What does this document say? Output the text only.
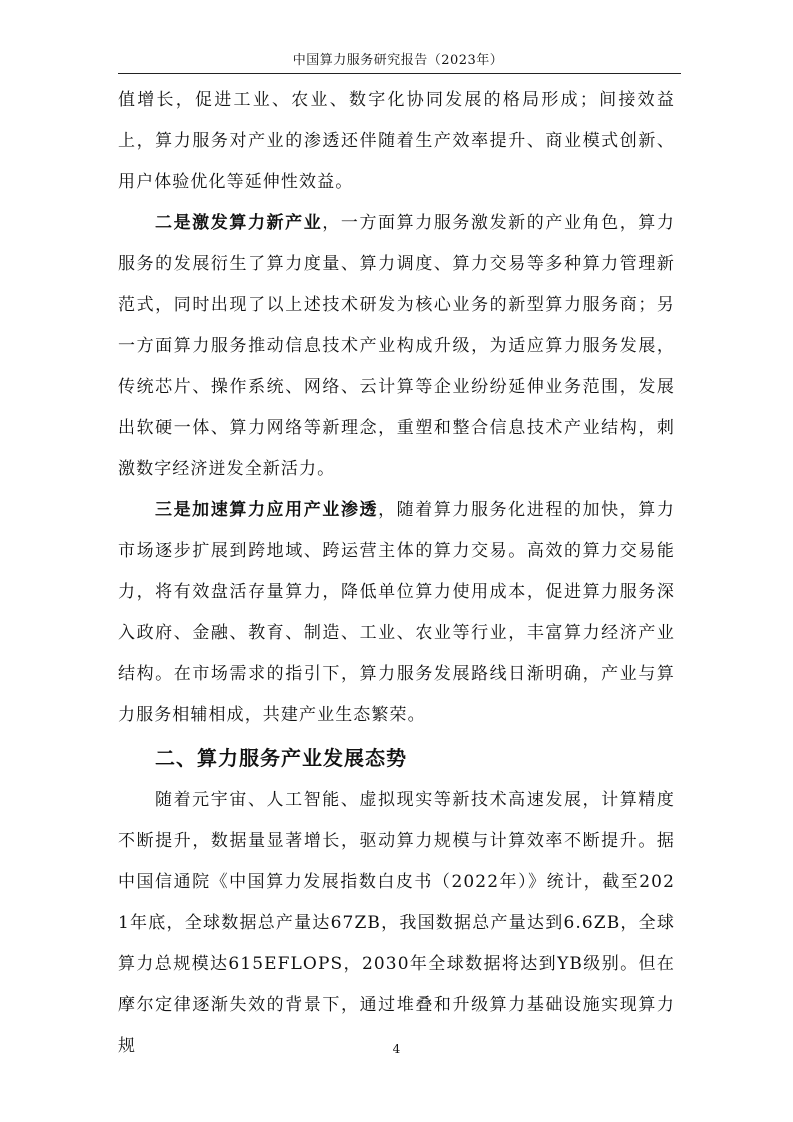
中国算力服务研究报告（2023年）

值增长，促进工业、农业、数字化协同发展的格局形成；间接效益上，算力服务对产业的渗透还伴随着生产效率提升、商业模式创新、用户体验优化等延伸性效益。

二是激发算力新产业，一方面算力服务激发新的产业角色，算力服务的发展衍生了算力度量、算力调度、算力交易等多种算力管理新范式，同时出现了以上述技术研发为核心业务的新型算力服务商；另一方面算力服务推动信息技术产业构成升级，为适应算力服务发展，传统芯片、操作系统、网络、云计算等企业纷纷延伸业务范围，发展出软硬一体、算力网络等新理念，重塑和整合信息技术产业结构，刺激数字经济迸发全新活力。

三是加速算力应用产业渗透，随着算力服务化进程的加快，算力市场逐步扩展到跨地域、跨运营主体的算力交易。高效的算力交易能力，将有效盘活存量算力，降低单位算力使用成本，促进算力服务深入政府、金融、教育、制造、工业、农业等行业，丰富算力经济产业结构。在市场需求的指引下，算力服务发展路线日渐明确，产业与算力服务相辅相成，共建产业生态繁荣。

二、算力服务产业发展态势

随着元宇宙、人工智能、虚拟现实等新技术高速发展，计算精度不断提升，数据量显著增长，驱动算力规模与计算效率不断提升。据中国信通院《中国算力发展指数白皮书（2022年）》统计，截至2021年底，全球数据总产量达67ZB，我国数据总产量达到6.6ZB，全球算力总规模达615EFLOPS，2030年全球数据将达到YB级别。但在摩尔定律逐渐失效的背景下，通过堆叠和升级算力基础设施实现算力规	4
